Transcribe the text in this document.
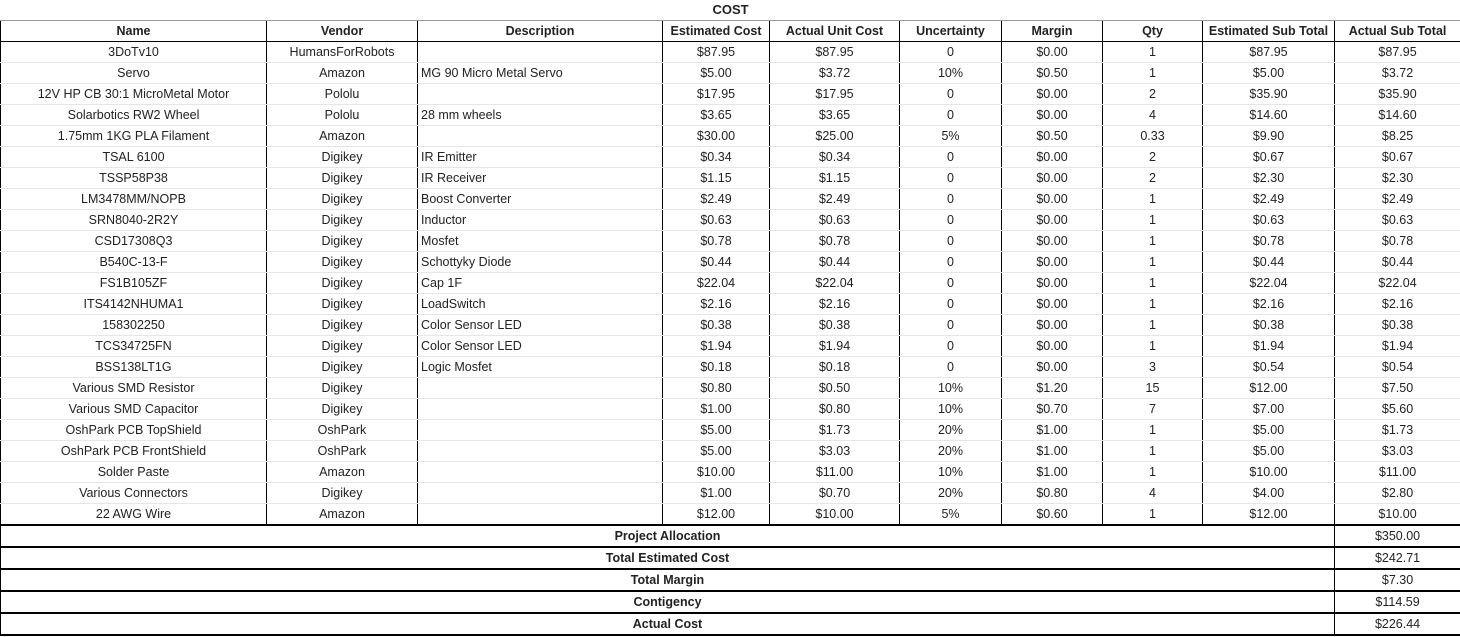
COST									
Name	Vendor	Description	Estimated Cost	Actual Unit Cost	Uncertainty	Margin	Qty	Estimated Sub Total	Actual Sub Total
3DoTv10	HumansForRobots		$87.95	$87.95	0	$0.00	1	$87.95	$87.95
Servo	Amazon	MG 90 Micro Metal Servo	$5.00	$3.72	10%	$0.50	1	$5.00	$3.72
12V HP CB 30:1 MicroMetal Motor	Pololu		$17.95	$17.95	0	$0.00	2	$35.90	$35.90
Solarbotics RW2 Wheel	Pololu	28 mm wheels	$3.65	$3.65	0	$0.00	4	$14.60	$14.60
1.75mm 1KG PLA Filament	Amazon		$30.00	$25.00	5%	$0.50	0.33	$9.90	$8.25
TSAL 6100	Digikey	IR Emitter	$0.34	$0.34	0	$0.00	2	$0.67	$0.67
TSSP58P38	Digikey	IR Receiver	$1.15	$1.15	0	$0.00	2	$2.30	$2.30
LM3478MM/NOPB	Digikey	Boost Converter	$2.49	$2.49	0	$0.00	1	$2.49	$2.49
SRN8040-2R2Y	Digikey	Inductor	$0.63	$0.63	0	$0.00	1	$0.63	$0.63
CSD17308Q3	Digikey	Mosfet	$0.78	$0.78	0	$0.00	1	$0.78	$0.78
B540C-13-F	Digikey	Schottyky Diode	$0.44	$0.44	0	$0.00	1	$0.44	$0.44
FS1B105ZF	Digikey	Cap 1F	$22.04	$22.04	0	$0.00	1	$22.04	$22.04
ITS4142NHUMA1	Digikey	LoadSwitch	$2.16	$2.16	0	$0.00	1	$2.16	$2.16
158302250	Digikey	Color Sensor LED	$0.38	$0.38	0	$0.00	1	$0.38	$0.38
TCS34725FN	Digikey	Color Sensor LED	$1.94	$1.94	0	$0.00	1	$1.94	$1.94
BSS138LT1G	Digikey	Logic Mosfet	$0.18	$0.18	0	$0.00	3	$0.54	$0.54
Various SMD Resistor	Digikey		$0.80	$0.50	10%	$1.20	15	$12.00	$7.50
Various SMD Capacitor	Digikey		$1.00	$0.80	10%	$0.70	7	$7.00	$5.60
OshPark PCB TopShield	OshPark		$5.00	$1.73	20%	$1.00	1	$5.00	$1.73
OshPark PCB FrontShield	OshPark		$5.00	$3.03	20%	$1.00	1	$5.00	$3.03
Solder Paste	Amazon		$10.00	$11.00	10%	$1.00	1	$10.00	$11.00
Various Connectors	Digikey		$1.00	$0.70	20%	$0.80	4	$4.00	$2.80
22 AWG Wire	Amazon		$12.00	$10.00	5%	$0.60	1	$12.00	$10.00
Project Allocation									$350.00
Total Estimated Cost									$242.71
Total Margin									$7.30
Contigency									$114.59
Actual Cost									$226.44
